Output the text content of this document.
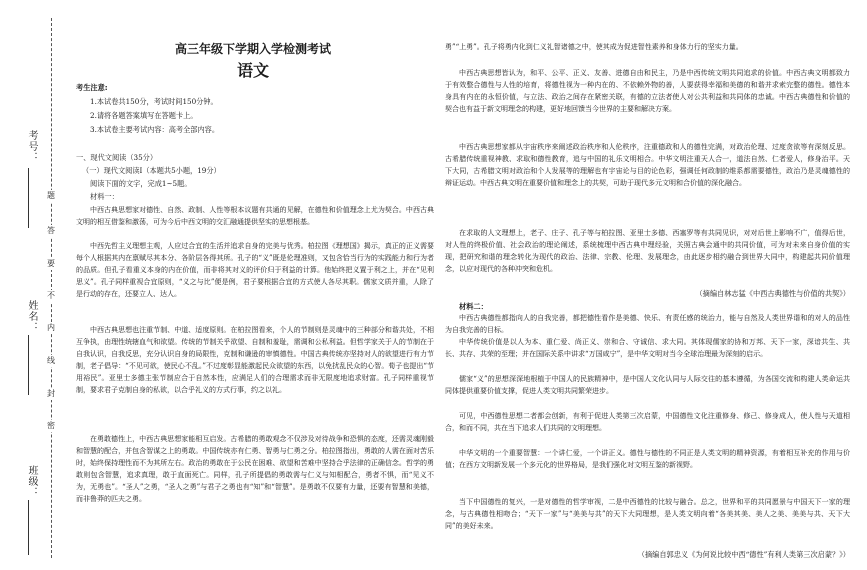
考号：
姓名：
班级：
题
答
要
不
内
线
封
密
高三年级下学期入学检测考试
语文
考生注意:
1.本试卷共150分，考试时间150分钟。
2.请将各题答案填写在答题卡上。
3.本试卷主要考试内容：高考全部内容。
一、现代文阅读（35分）
（一）现代文阅读Ⅰ（本题共5小题，19分）
阅读下面的文字，完成1~5题。
材料一：
中西古典思想家对德性、自然、政制、人性等根本议题有共通的见解，在德性和价值理念上尤为契合。中西古典文明的相互借鉴和激荡，可为今后中西文明的交汇融通提供坚实的思想根基。
中西先哲主义理想主观，人应过合宜的生活并追求自身的完美与优秀。柏拉图《理想国》揭示，真正的正义需要每个人根据其内在禀赋尽其本分、各阶层各得其所。孔子的“义”既是伦理准则，又包含恰当行为的实践能力和行为者的品质。但孔子看重义本身的内在价值，而非将其对义的评价归于利益的计算。他始终把义置于利之上，并在“见利思义”。孔子同样重视合宜原则，“义之与比”便是例，君子要根据合宜的方式使人各尽其职。儒家文质并重，人除了是行动的存在，还要立人、达人。
中西古典思想也注重节制、中道、适度原则。在柏拉图看来，个人的节制则是灵魂中的三种部分和谐共处，不相互争执，由理性统辖血气和欲望。传统的节制关乎欲望、自制和羞耻，需调和公私利益。但哲学家关于人的节制在于自我认识，自我反思，充分认识自身的局限性，克制和谦逊的审慎德性。中国古典传统亦坚持对人的欲望进行有力节制，老子倡导：“不见可欲，使民心不乱。”不过度彰显能激起民众欲望的东西，以免扰乱民众的心智。荀子也提出“节用裕民”。亚里士多德主张节制应合于自然本性，应满足人们的合理需求而非无限度地追求财富。孔子同样重视节制，要求君子克制自身的私欲，以合乎礼义的方式行事，约之以礼。
在勇敢德性上，中西古典思想家能相互启发。古希腊的勇敢观念不仅涉及对待战争和恐惧的态度，还需灵魂刚毅和智慧的配合，并包含智谋之上的勇敢。中国传统亦有仁勇、智勇与仁勇之分。柏拉图指出，勇敢的人需在面对苦乐时，始终保持理性而不为其所左右。政治的勇敢在于公民在困难、欲望和苦难中坚持合乎法律的正确信念。哲学的勇敢则包含智慧，追求真理，敢于直面死亡。同样，孔子所提倡的勇敢需与仁义与知相配合，勇者不惧，而“见义不为，无勇也”。“圣人”之勇，“圣人之勇”与君子之勇也有“知”和“智慧”。是勇敢不仅要有力量，还要有智慧和美德，而非鲁莽的匹夫之勇。
勇”“上勇”。孔子将勇内化到仁义礼智诸德之中，使其成为促进智性素养和身体力行的坚实力量。
中西古典思想皆认为，和平、公平、正义、友善、进德自由和民主，乃是中西传统文明共同追求的价值。中西古典文明都致力于有效整合德性与人性的培育，将德性视为一种内在的、不依赖外物的善，人要获得幸福和美德的和谐并求索完整的德性。德性本身具有内在的永恒价值，与立法、政治之间存在紧密关联，有德的立法者使人对公共利益和共同体的忠诚。中西古典德性和价值的契合也有益于新文明理念的构建，更好地回馈当今世界的主要和解决方案。
中西古典思想家都从宇宙秩序来阐述政治秩序和人伦秩序，注重德政和人的德性完满，对政治伦理、过度贪欲等有深刻反思。古希腊传统重视神教、求取和德性教育，追与中国的礼乐文明相合。中华文明注重天人合一，道法自然、仁者爱人，修身治平。天下大同，古希腊文明对政治和个人发展等的理解也有宇宙论与目的论色彩，强调任何政制的维系都需要德性，政治乃是灵魂德性的辩证运动。中西古典文明在重要价值和理念上的共契，可助于现代多元文明和合价值的深化融合。
在求取的人文理想上，老子、庄子、孔子等与柏拉图、亚里士多德、西塞罗等有共同见识，对对后世上影响不广，值得后世，对人性的终极价值、社会政治的理论阐述，系统梳理中西古典中理经验，关照古典会通中的共同价值，可为对未来自身价值的实现，把研究和谐的理念转化为现代的政治、法律、宗教、伦理、发展理念，由此逐步相约融合到世界大同中，构建起共同价值理念，以应对现代的各种冲突和危机。
（摘编自林志猛《中西古典德性与价值的共契》）
材料二：
中西古典德性都指向人的自我完善，都把德性看作是美德、快乐、有责任感的统治力，能与自然及人类世界谐和的对人的品性为自我完善的目标。
中华传统价值是以人为本、重仁爱、尚正义、崇和合、守诚信、求大同。其体现儒家的协和万邦、天下一家，深谙共生、共长、共存、共荣的至理；并在国际关系中讲求“万国咸宁”，是中华文明对当今全球治理最为深刻的启示。
儒家“义”的思想深深地根植于中国人的民族精神中，是中国人文化认同与人际交往的基本遵循，为各国交流和构建人类命运共同体提供重要价值支撑，促进人类文明共同繁荣进步。
可见，中西德性思想二者都会创新，有利于促进人类第三次启蒙，中国德性文化注重修身、修己、修身成人，使人性与天道相合，和而不同，共在当下追求人们共同的文明理想。
中华文明的一个重要智慧：一个讲仁爱，一个讲正义。德性与德性的不同正是人类文明的精神资源，有着相互补充的作用与价值；在西方文明新发展一个多元化的世界格局，是我们强化对文明互鉴的新视野。
当下中国德性的复兴，一是对德性的哲学审视，二是中西德性的比较与融合。总之，世界和平的共同愿景与中国天下一家的理念，与古典德性相吻合；“天下一家”与“美美与共”的天下大同理想，是人类文明向着“各美其美、美人之美、美美与共、天下大同”的美好未来。
（摘编自郭忠义《为何说比较中西“德性”有利人类第三次启蒙？》）
